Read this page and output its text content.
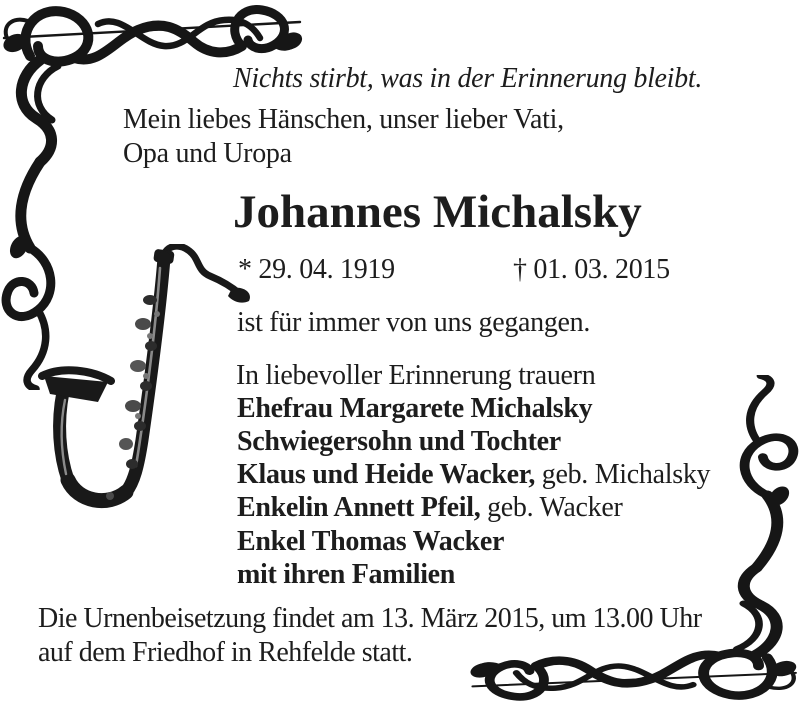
Nichts stirbt, was in der Erinnerung bleibt.
Mein liebes Hänschen, unser lieber Vati,
Opa und Uropa
Johannes Michalsky
* 29. 04. 1919	† 01. 03. 2015
ist für immer von uns gegangen.
In liebevoller Erinnerung trauern
Ehefrau Margarete Michalsky
Schwiegersohn und Tochter
Klaus und Heide Wacker, geb. Michalsky
Enkelin Annett Pfeil, geb. Wacker
Enkel Thomas Wacker
mit ihren Familien
Die Urnenbeisetzung findet am 13. März 2015, um 13.00 Uhr
auf dem Friedhof in Rehfelde statt.
